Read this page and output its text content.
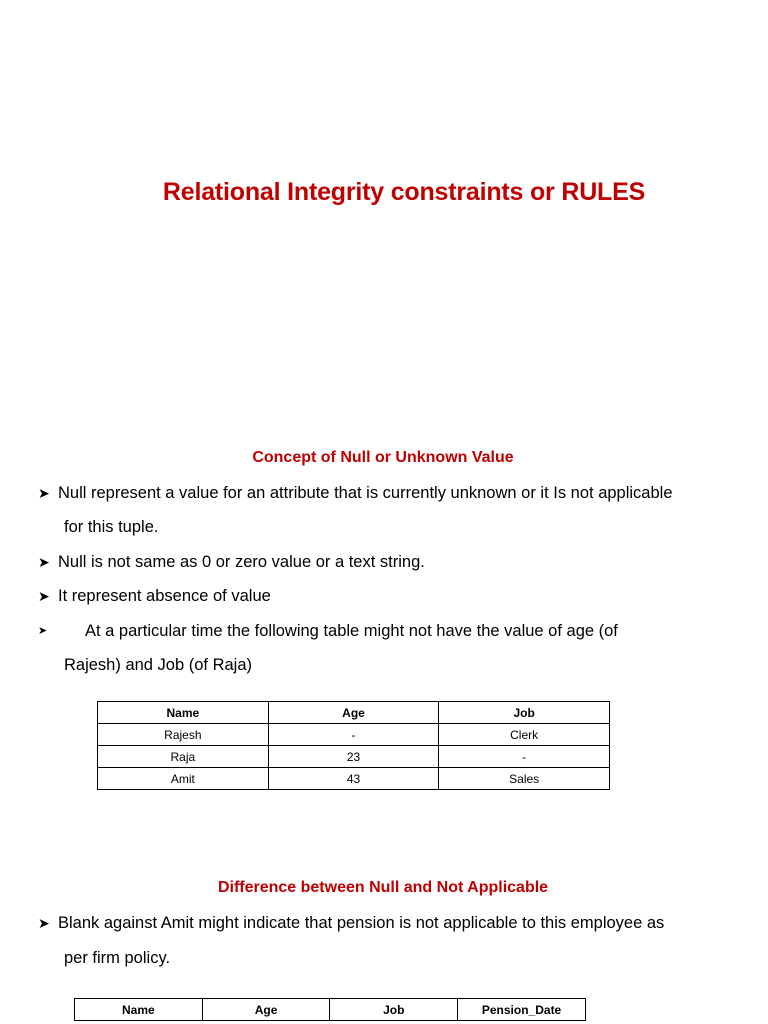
Relational Integrity constraints or RULES
Concept of Null or Unknown Value
➤ Null represent a value for an attribute that is currently unknown or it Is not applicable
for this tuple.
➤ Null is not same as 0 or zero value or a text string.
➤ It represent absence of value
➤	At a particular time the following table might not have the value of age (of
Rajesh) and Job (of Raja)
Name	Age	Job
Rajesh	-	Clerk
Raja	23	-
Amit	43	Sales
Difference between Null and Not Applicable
➤ Blank against Amit might indicate that pension is not applicable to this employee as
per firm policy.
Name	Age	Job	Pension_Date
